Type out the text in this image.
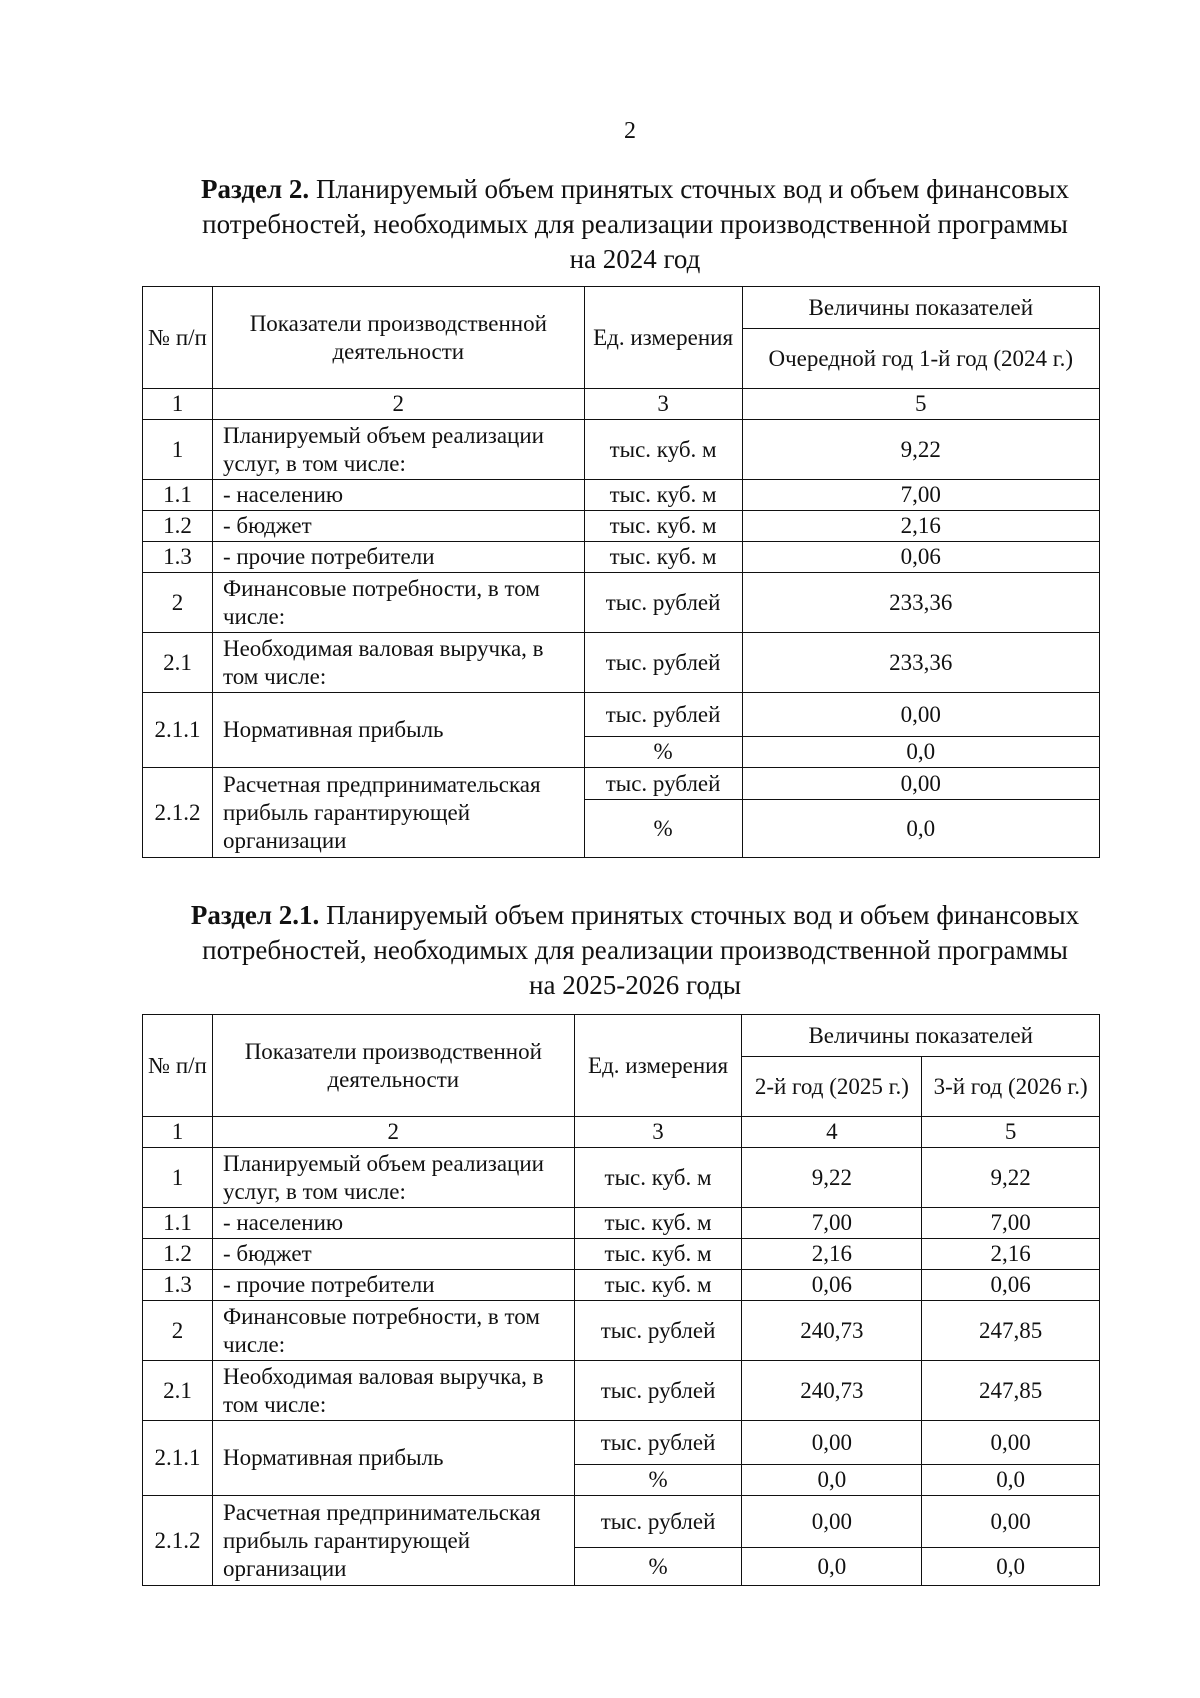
2
Раздел 2. Планируемый объем принятых сточных вод и объем финансовых
потребностей, необходимых для реализации производственной программы
на 2024 год
№ п/п	Показатели производственной деятельности	Ед. измерения	Величины показателей
			Очередной год 1-й год (2024 г.)
1	2	3	5
1	Планируемый объем реализации услуг, в том числе:	тыс. куб. м	9,22
1.1	- населению	тыс. куб. м	7,00
1.2	- бюджет	тыс. куб. м	2,16
1.3	- прочие потребители	тыс. куб. м	0,06
2	Финансовые потребности, в том числе:	тыс. рублей	233,36
2.1	Необходимая валовая выручка, в том числе:	тыс. рублей	233,36
2.1.1	Нормативная прибыль	тыс. рублей	0,00
		%	0,0
2.1.2	Расчетная предпринимательская прибыль гарантирующей организации	тыс. рублей	0,00
		%	0,0
Раздел 2.1. Планируемый объем принятых сточных вод и объем финансовых
потребностей, необходимых для реализации производственной программы
на 2025-2026 годы
№ п/п	Показатели производственной деятельности	Ед. измерения	Величины показателей	
			2-й год (2025 г.)	3-й год (2026 г.)
1	2	3	4	5
1	Планируемый объем реализации услуг, в том числе:	тыс. куб. м	9,22	9,22
1.1	- населению	тыс. куб. м	7,00	7,00
1.2	- бюджет	тыс. куб. м	2,16	2,16
1.3	- прочие потребители	тыс. куб. м	0,06	0,06
2	Финансовые потребности, в том числе:	тыс. рублей	240,73	247,85
2.1	Необходимая валовая выручка, в том числе:	тыс. рублей	240,73	247,85
2.1.1	Нормативная прибыль	тыс. рублей	0,00	0,00
		%	0,0	0,0
2.1.2	Расчетная предпринимательская прибыль гарантирующей организации	тыс. рублей	0,00	0,00
		%	0,0	0,0
